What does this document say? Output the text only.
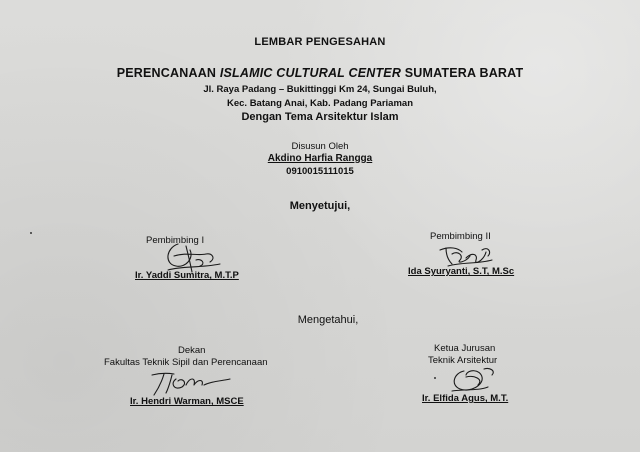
LEMBAR PENGESAHAN
PERENCANAAN ISLAMIC CULTURAL CENTER SUMATERA BARAT
Jl. Raya Padang – Bukittinggi Km 24, Sungai Buluh,
Kec. Batang Anai, Kab. Padang Pariaman
Dengan Tema Arsitektur Islam
Disusun Oleh
Akdino Harfia Rangga
0910015111015
Menyetujui,
Pembimbing I
Ir. Yaddi Sumitra, M.T.P
Pembimbing II
Ida Syuryanti, S.T, M.Sc
Mengetahui,
Dekan
Fakultas Teknik Sipil dan Perencanaan
Ir. Hendri Warman, MSCE
Ketua Jurusan
Teknik Arsitektur
Ir. Elfida Agus, M.T.
